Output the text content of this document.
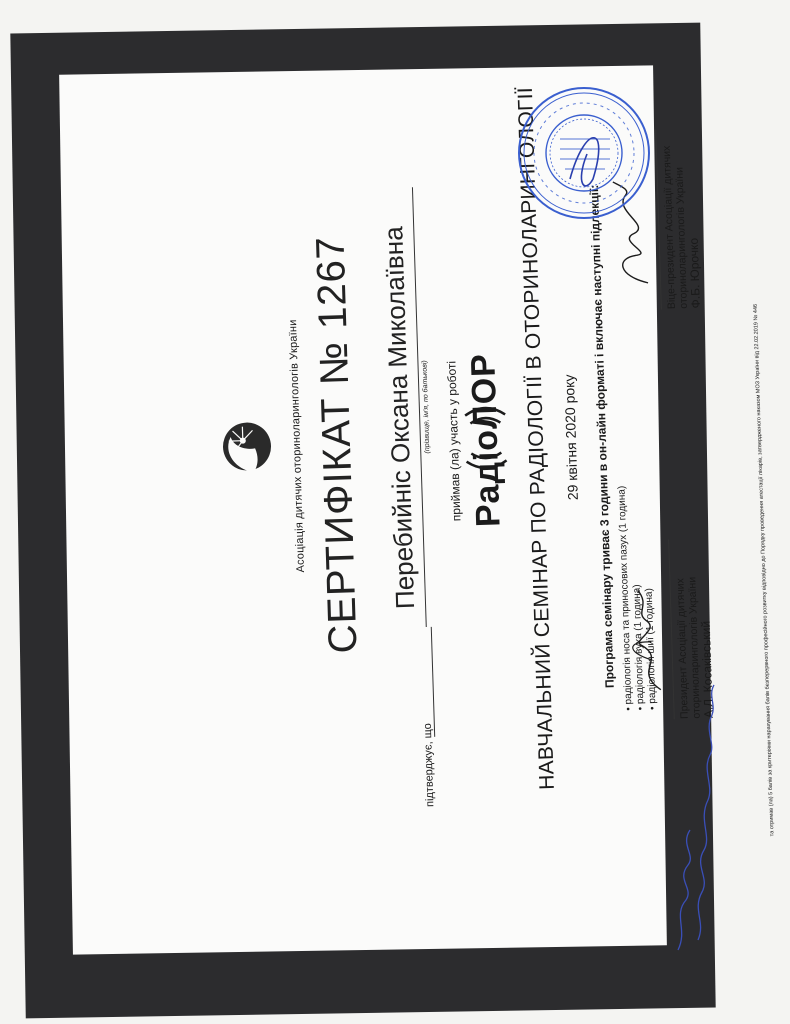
Асоціація дитячих оториноларингологів України СЕРТИФІКАТ № 1267
підтверджує, що
Перебийніс Оксана Миколаївна (прізвище, ім'я, по батькові)	приймав (ла) участь у роботі РадіоЛОР НАВЧАЛЬНИЙ СЕМІНАР ПО РАДІОЛОГІЇ В ОТОРИНОЛАРИНГОЛОГІЇ 29 квітня 2020 року Програма семінару триває 3 години в он-лайн форматі і включає наступні підлекції:
• радіологія носа та приносових пазух (1 година)
• радіологія вуха (1 година)
• радіологія шиї (1 година) Президент Асоціації дитячих
оториноларингологів України
А.Л. Косаківський
Віце-президент Асоціації дитячих
оториноларингологів України
Ф.Б. Юрочко
та отримав (ла) 5 балів за критеріями нарахування балів безперервного професійного розвитку відповідно до Порядку проведення атестації лікарів, затвердженого наказом МОЗ України від 22.02.2019 № 446
